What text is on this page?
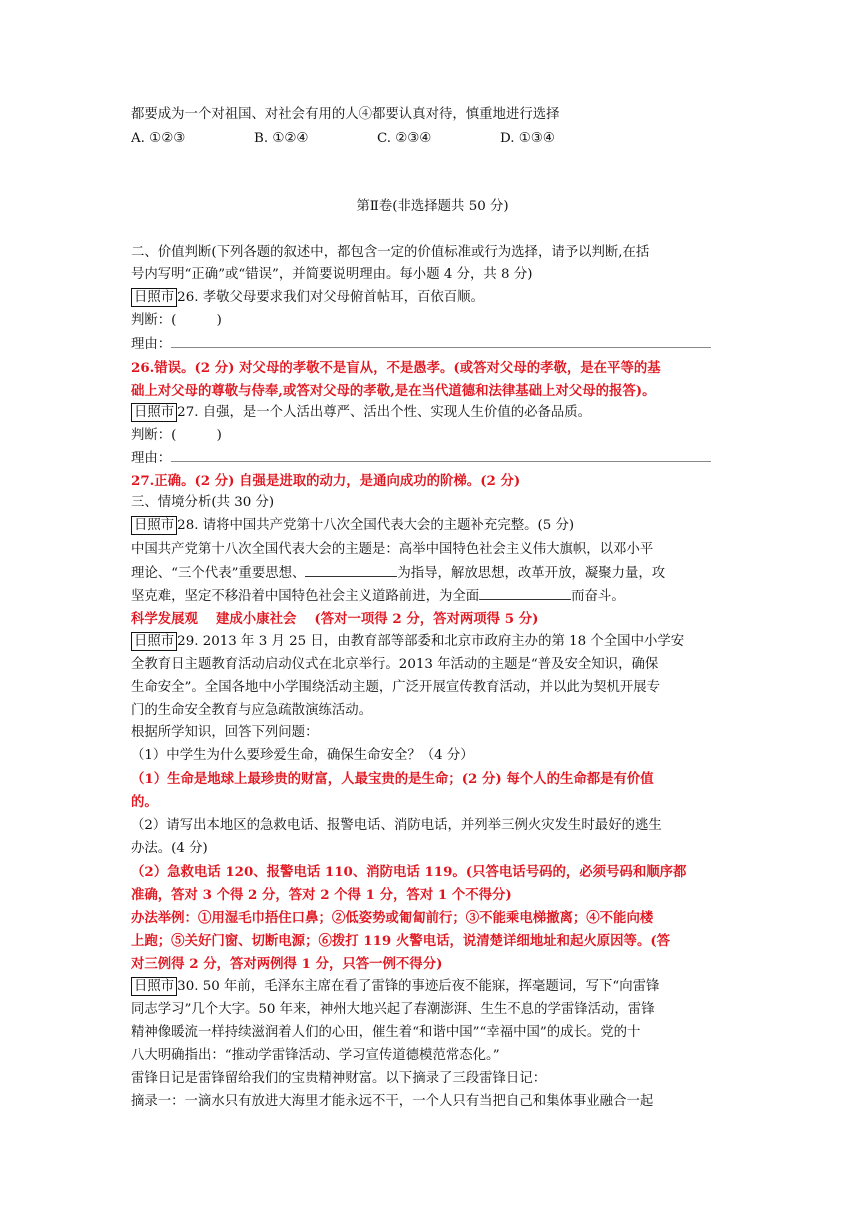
都要成为一个对祖国、对社会有用的人④都要认真对待，慎重地进行选择
A. ①②③	B. ①②④	C. ②③④	D. ①③④
第Ⅱ卷(非选择题共 50 分)
二、价值判断(下列各题的叙述中，都包含一定的价值标准或行为选择，请予以判断,在括
号内写明“正确”或“错误”，并简要说明理由。每小题 4 分，共 8 分)
日照市 26. 孝敬父母要求我们对父母俯首帖耳，百依百顺。
判断：(　　　)
理由：
26.错误。(2 分) 对父母的孝敬不是盲从，不是愚孝。(或答对父母的孝敬，是在平等的基
础上对父母的尊敬与侍奉,或答对父母的孝敬,是在当代道德和法律基础上对父母的报答)。
日照市 27. 自强，是一个人活出尊严、活出个性、实现人生价值的必备品质。
判断：(　　　)
理由：
27.正确。(2 分) 自强是进取的动力，是通向成功的阶梯。(2 分)
三、情境分析(共 30 分)
日照市 28. 请将中国共产党第十八次全国代表大会的主题补充完整。(5 分)
中国共产党第十八次全国代表大会的主题是：高举中国特色社会主义伟大旗帜，以邓小平
理论、“三个代表”重要思想、	为指导，解放思想，改革开放，凝聚力量，攻
坚克难，坚定不移沿着中国特色社会主义道路前进，为全面	而奋斗。
科学发展观　 建成小康社会　 (答对一项得 2 分，答对两项得 5 分)
日照市 29. 2013 年 3 月 25 日，由教育部等部委和北京市政府主办的第 18 个全国中小学安
全教育日主题教育活动启动仪式在北京举行。2013 年活动的主题是“普及安全知识，确保
生命安全”。全国各地中小学围绕活动主题，广泛开展宣传教育活动，并以此为契机开展专
门的生命安全教育与应急疏散演练活动。
根据所学知识，回答下列问题：
（1）中学生为什么要珍爱生命，确保生命安全？（4 分）
（1）生命是地球上最珍贵的财富，人最宝贵的是生命；(2 分) 每个人的生命都是有价值
的。
（2）请写出本地区的急救电话、报警电话、消防电话，并列举三例火灾发生时最好的逃生
办法。(4 分)
（2）急救电话 120、报警电话 110、消防电话 119。(只答电话号码的，必须号码和顺序都
准确，答对 3 个得 2 分，答对 2 个得 1 分，答对 1 个不得分)
办法举例：①用湿毛巾捂住口鼻；②低姿势或匍匐前行；③不能乘电梯撤离；④不能向楼
上跑；⑤关好门窗、切断电源；⑥拨打 119 火警电话，说清楚详细地址和起火原因等。(答
对三例得 2 分，答对两例得 1 分，只答一例不得分)
日照市 30. 50 年前，毛泽东主席在看了雷锋的事迹后夜不能寐，挥毫题词，写下“向雷锋
同志学习”几个大字。50 年来，神州大地兴起了春潮澎湃、生生不息的学雷锋活动，雷锋
精神像暖流一样持续滋润着人们的心田，催生着“和谐中国”“幸福中国”的成长。党的十
八大明确指出：“推动学雷锋活动、学习宣传道德模范常态化。”
雷锋日记是雷锋留给我们的宝贵精神财富。以下摘录了三段雷锋日记：
摘录一：一滴水只有放进大海里才能永远不干，一个人只有当把自己和集体事业融合一起
